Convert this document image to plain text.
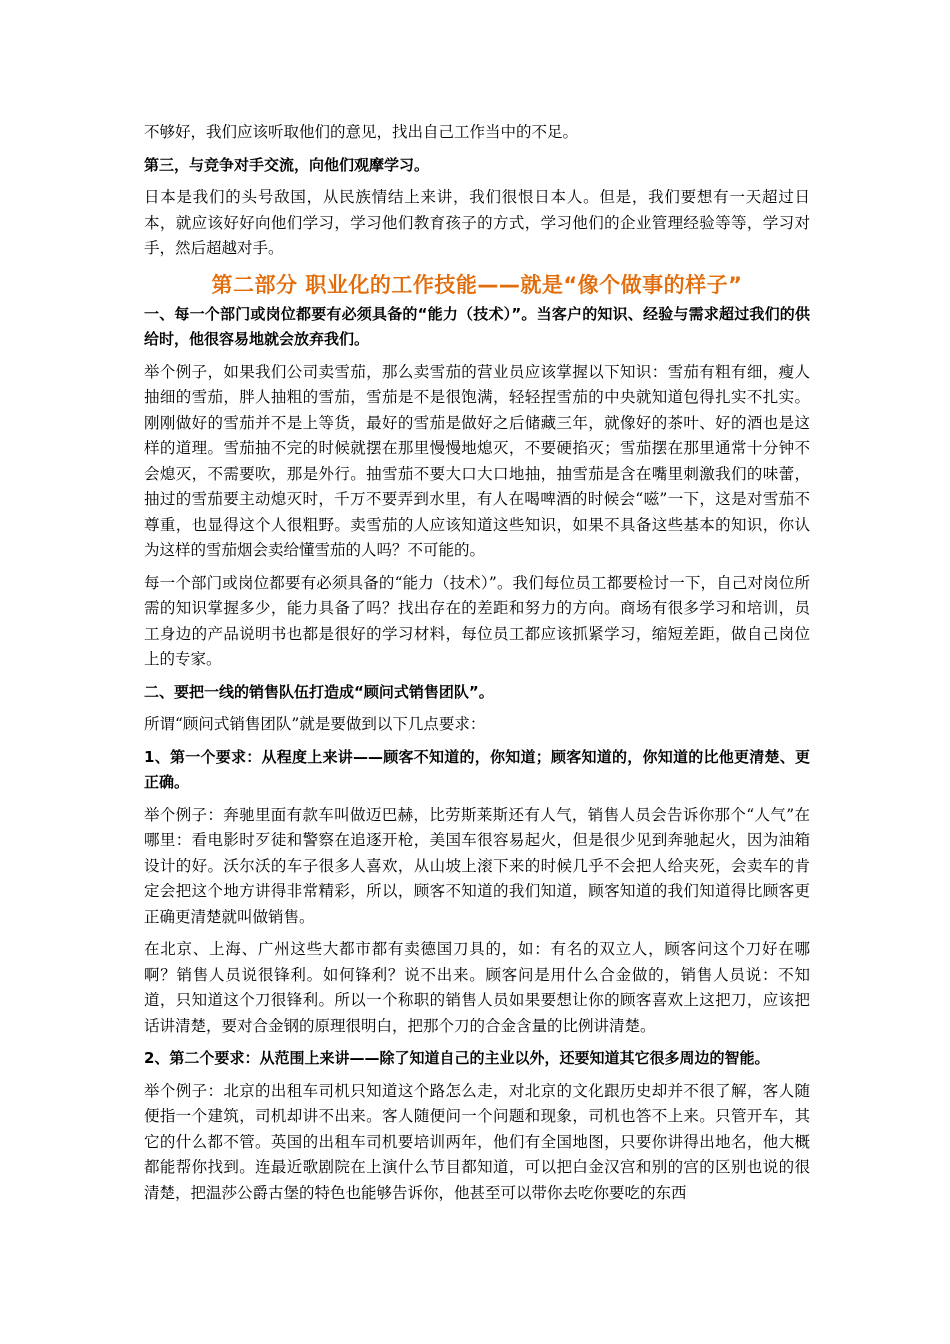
不够好，我们应该听取他们的意见，找出自己工作当中的不足。

第三，与竞争对手交流，向他们观摩学习。

日本是我们的头号敌国，从民族情结上来讲，我们很恨日本人。但是，我们要想有一天超过日本，就应该好好向他们学习，学习他们教育孩子的方式，学习他们的企业管理经验等等，学习对手，然后超越对手。

第二部分 职业化的工作技能——就是“像个做事的样子”

一、每一个部门或岗位都要有必须具备的“能力（技术）”。当客户的知识、经验与需求超过我们的供给时，他很容易地就会放弃我们。

举个例子，如果我们公司卖雪茄，那么卖雪茄的营业员应该掌握以下知识：雪茄有粗有细，瘦人抽细的雪茄，胖人抽粗的雪茄，雪茄是不是很饱满，轻轻捏雪茄的中央就知道包得扎实不扎实。刚刚做好的雪茄并不是上等货，最好的雪茄是做好之后储藏三年，就像好的茶叶、好的酒也是这样的道理。雪茄抽不完的时候就摆在那里慢慢地熄灭，不要硬掐灭；雪茄摆在那里通常十分钟不会熄灭，不需要吹，那是外行。抽雪茄不要大口大口地抽，抽雪茄是含在嘴里刺激我们的味蕾，抽过的雪茄要主动熄灭时，千万不要弄到水里，有人在喝啤酒的时候会“嗞”一下，这是对雪茄不尊重，也显得这个人很粗野。卖雪茄的人应该知道这些知识，如果不具备这些基本的知识，你认为这样的雪茄烟会卖给懂雪茄的人吗？不可能的。

每一个部门或岗位都要有必须具备的“能力（技术）”。我们每位员工都要检讨一下，自己对岗位所需的知识掌握多少，能力具备了吗？找出存在的差距和努力的方向。商场有很多学习和培训，员工身边的产品说明书也都是很好的学习材料，每位员工都应该抓紧学习，缩短差距，做自己岗位上的专家。

二、要把一线的销售队伍打造成“顾问式销售团队”。

所谓“顾问式销售团队”就是要做到以下几点要求：

1、第一个要求：从程度上来讲——顾客不知道的，你知道；顾客知道的，你知道的比他更清楚、更正确。

举个例子：奔驰里面有款车叫做迈巴赫，比劳斯莱斯还有人气，销售人员会告诉你那个“人气”在哪里：看电影时歹徒和警察在追逐开枪，美国车很容易起火，但是很少见到奔驰起火，因为油箱设计的好。沃尔沃的车子很多人喜欢，从山坡上滚下来的时候几乎不会把人给夹死，会卖车的肯定会把这个地方讲得非常精彩，所以，顾客不知道的我们知道，顾客知道的我们知道得比顾客更正确更清楚就叫做销售。

在北京、上海、广州这些大都市都有卖德国刀具的，如：有名的双立人，顾客问这个刀好在哪啊？销售人员说很锋利。如何锋利？说不出来。顾客问是用什么合金做的，销售人员说：不知道，只知道这个刀很锋利。所以一个称职的销售人员如果要想让你的顾客喜欢上这把刀，应该把话讲清楚，要对合金钢的原理很明白，把那个刀的合金含量的比例讲清楚。

2、第二个要求：从范围上来讲——除了知道自己的主业以外，还要知道其它很多周边的智能。

举个例子：北京的出租车司机只知道这个路怎么走，对北京的文化跟历史却并不很了解，客人随便指一个建筑，司机却讲不出来。客人随便问一个问题和现象，司机也答不上来。只管开车，其它的什么都不管。英国的出租车司机要培训两年，他们有全国地图，只要你讲得出地名，他大概都能帮你找到。连最近歌剧院在上演什么节目都知道，可以把白金汉宫和别的宫的区别也说的很清楚，把温莎公爵古堡的特色也能够告诉你，他甚至可以带你去吃你要吃的东西
